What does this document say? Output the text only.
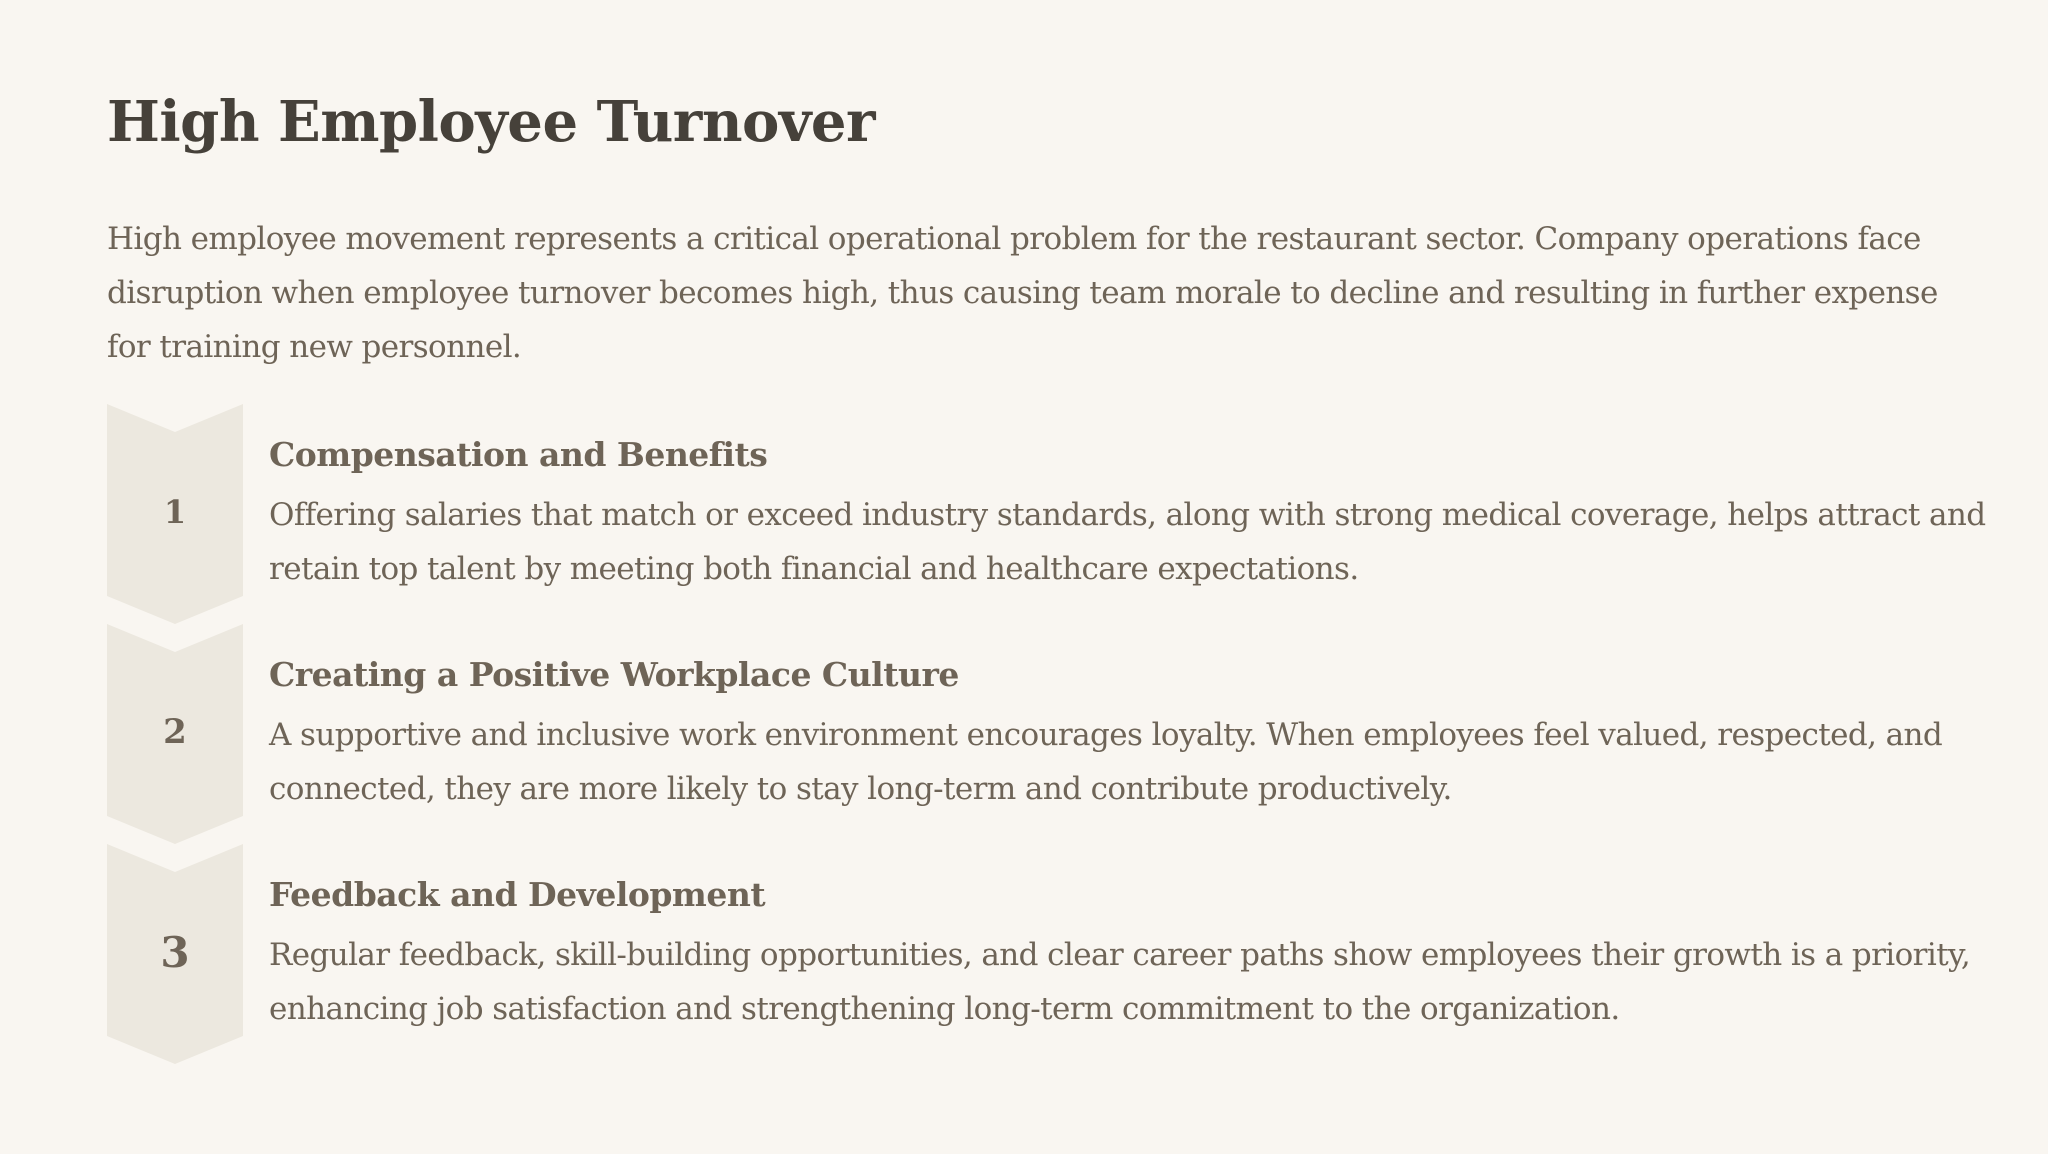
High Employee Turnover

High employee movement represents a critical operational problem for the restaurant sector. Company operations face disruption when employee turnover becomes high, thus causing team morale to decline and resulting in further expense for training new personnel.

1
Compensation and Benefits

Offering salaries that match or exceed industry standards, along with strong medical coverage, helps attract and retain top talent by meeting both financial and healthcare expectations.

2
Creating a Positive Workplace Culture

A supportive and inclusive work environment encourages loyalty. When employees feel valued, respected, and connected, they are more likely to stay long-term and contribute productively.

3
Feedback and Development

Regular feedback, skill-building opportunities, and clear career paths show employees their growth is a priority, enhancing job satisfaction and strengthening long-term commitment to the organization.
